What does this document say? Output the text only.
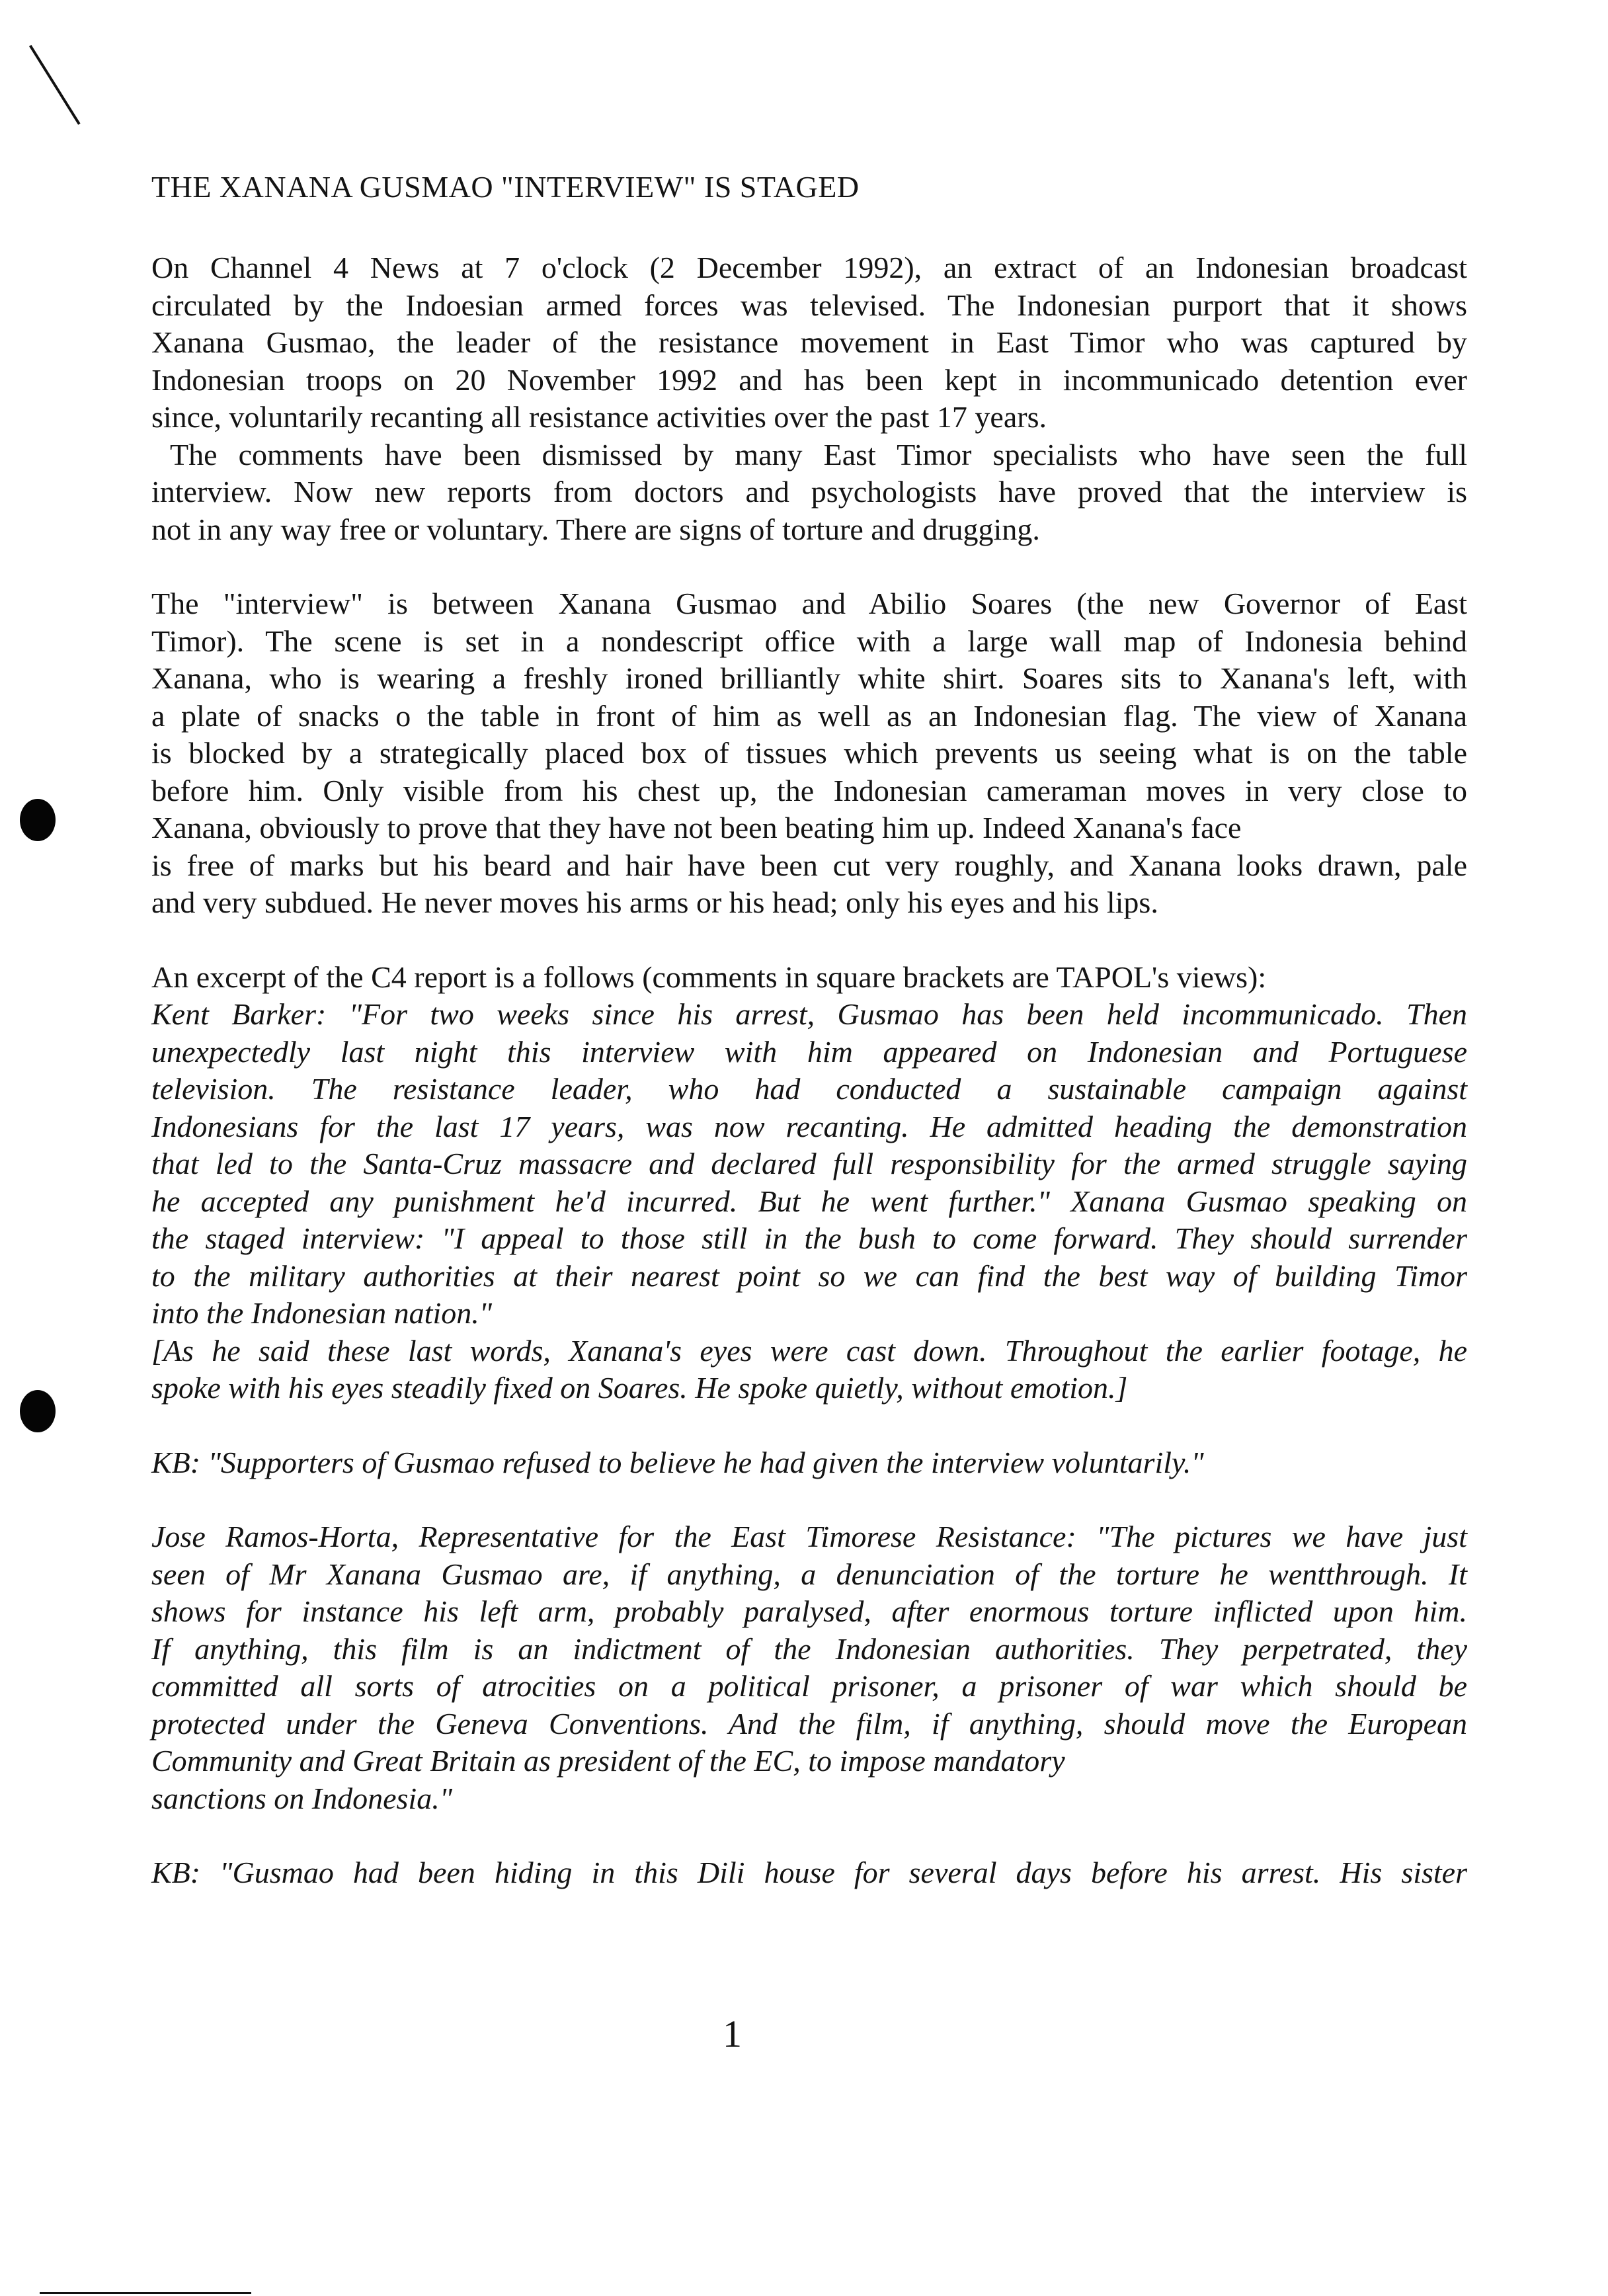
THE XANANA GUSMAO "INTERVIEW" IS STAGED
On Channel 4 News at 7 o'clock (2 December 1992), an extract of an Indonesian broadcast
circulated by the Indoesian armed forces was televised. The Indonesian purport that it shows
Xanana Gusmao, the leader of the resistance movement in East Timor who was captured by
Indonesian troops on 20 November 1992 and has been kept in incommunicado detention ever
since, voluntarily recanting all resistance activities over the past 17 years.
The comments have been dismissed by many East Timor specialists who have seen the full
interview. Now new reports from doctors and psychologists have proved that the interview is
not in any way free or voluntary. There are signs of torture and drugging.
The "interview" is between Xanana Gusmao and Abilio Soares (the new Governor of East
Timor). The scene is set in a nondescript office with a large wall map of Indonesia behind
Xanana, who is wearing a freshly ironed brilliantly white shirt. Soares sits to Xanana's left, with
a plate of snacks o the table in front of him as well as an Indonesian flag. The view of Xanana
is blocked by a strategically placed box of tissues which prevents us seeing what is on the table
before him. Only visible from his chest up, the Indonesian cameraman moves in very close to
Xanana, obviously to prove that they have not been beating him up. Indeed Xanana's face
is free of marks but his beard and hair have been cut very roughly, and Xanana looks drawn, pale
and very subdued. He never moves his arms or his head; only his eyes and his lips.
An excerpt of the C4 report is a follows (comments in square brackets are TAPOL's views):
Kent Barker: "For two weeks since his arrest, Gusmao has been held incommunicado. Then
unexpectedly last night this interview with him appeared on Indonesian and Portuguese
television. The resistance leader, who had conducted a sustainable campaign against
Indonesians for the last 17 years, was now recanting. He admitted heading the demonstration
that led to the Santa-Cruz massacre and declared full responsibility for the armed struggle saying
he accepted any punishment he'd incurred. But he went further." Xanana Gusmao speaking on
the staged interview: "I appeal to those still in the bush to come forward. They should surrender
to the military authorities at their nearest point so we can find the best way of building Timor
into the Indonesian nation."
[As he said these last words, Xanana's eyes were cast down. Throughout the earlier footage, he
spoke with his eyes steadily fixed on Soares. He spoke quietly, without emotion.]
KB: "Supporters of Gusmao refused to believe he had given the interview voluntarily."
Jose Ramos-Horta, Representative for the East Timorese Resistance: "The pictures we have just
seen of Mr Xanana Gusmao are, if anything, a denunciation of the torture he wentthrough. It
shows for instance his left arm, probably paralysed, after enormous torture inflicted upon him.
If anything, this film is an indictment of the Indonesian authorities. They perpetrated, they
committed all sorts of atrocities on a political prisoner, a prisoner of war which should be
protected under the Geneva Conventions. And the film, if anything, should move the European
Community and Great Britain as president of the EC, to impose mandatory
sanctions on Indonesia."
KB: "Gusmao had been hiding in this Dili house for several days before his arrest. His sister
1
